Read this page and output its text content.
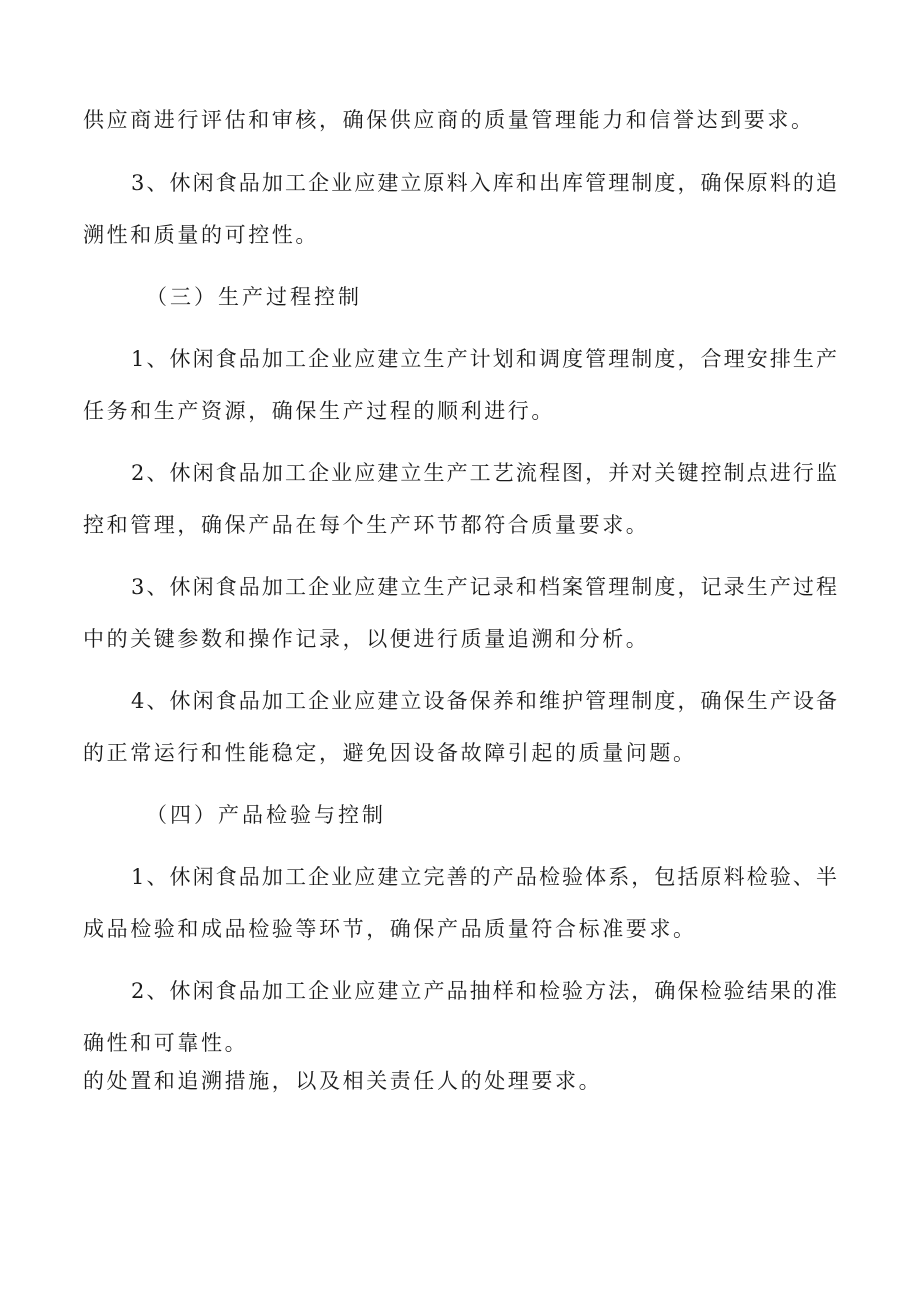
供应商进行评估和审核，确保供应商的质量管理能力和信誉达到要求。

3、休闲食品加工企业应建立原料入库和出库管理制度，确保原料的追

溯性和质量的可控性。

（三）生产过程控制

1、休闲食品加工企业应建立生产计划和调度管理制度，合理安排生产

任务和生产资源，确保生产过程的顺利进行。

2、休闲食品加工企业应建立生产工艺流程图，并对关键控制点进行监

控和管理，确保产品在每个生产环节都符合质量要求。

3、休闲食品加工企业应建立生产记录和档案管理制度，记录生产过程

中的关键参数和操作记录，以便进行质量追溯和分析。

4、休闲食品加工企业应建立设备保养和维护管理制度，确保生产设备

的正常运行和性能稳定，避免因设备故障引起的质量问题。

（四）产品检验与控制

1、休闲食品加工企业应建立完善的产品检验体系，包括原料检验、半

成品检验和成品检验等环节，确保产品质量符合标准要求。

2、休闲食品加工企业应建立产品抽样和检验方法，确保检验结果的准

确性和可靠性。

的处置和追溯措施，以及相关责任人的处理要求。
